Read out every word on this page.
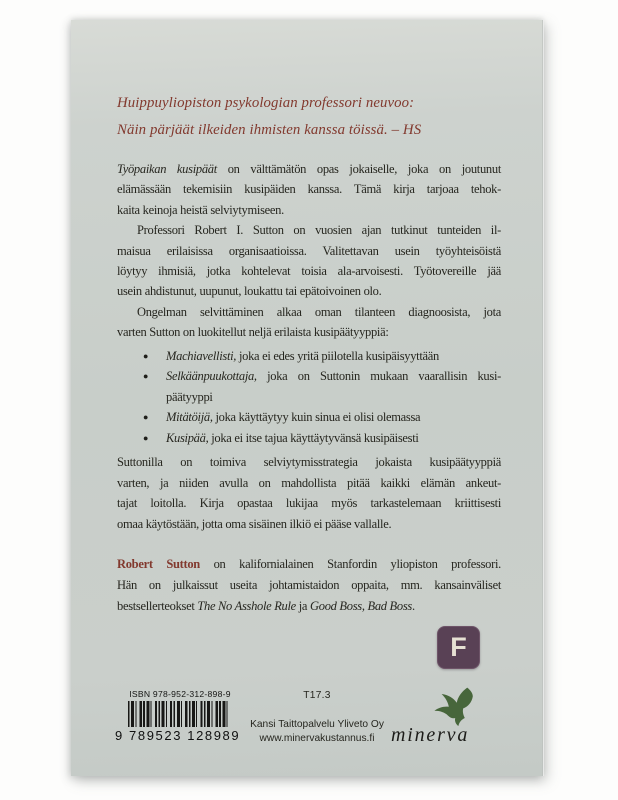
Huippuyliopiston psykologian professori neuvoo:
Näin pärjäät ilkeiden ihmisten kanssa töissä. – HS
Työpaikan kusipäät on välttämätön opas jokaiselle, joka on joutunut
elämässään tekemisiin kusipäiden kanssa. Tämä kirja tarjoaa tehok-
kaita keinoja heistä selviytymiseen.
Professori Robert I. Sutton on vuosien ajan tutkinut tunteiden il-
maisua erilaisissa organisaatioissa. Valitettavan usein työyhteisöistä
löytyy ihmisiä, jotka kohtelevat toisia ala-arvoisesti. Työtovereille jää
usein ahdistunut, uupunut, loukattu tai epätoivoinen olo.
Ongelman selvittäminen alkaa oman tilanteen diagnoosista, jota
varten Sutton on luokitellut neljä erilaista kusipäätyyppiä:
● Machiavellisti, joka ei edes yritä piilotella kusipäisyyttään
● Selkäänpuukottaja, joka on Suttonin mukaan vaarallisin kusi-
päätyyppi
● Mitätöijä, joka käyttäytyy kuin sinua ei olisi olemassa
● Kusipää, joka ei itse tajua käyttäytyvänsä kusipäisesti
Suttonilla on toimiva selviytymisstrategia jokaista kusipäätyyppiä
varten, ja niiden avulla on mahdollista pitää kaikki elämän ankeut-
tajat loitolla. Kirja opastaa lukijaa myös tarkastelemaan kriittisesti
omaa käytöstään, jotta oma sisäinen ilkiö ei pääse vallalle.
Robert Sutton on kalifornialainen Stanfordin yliopiston professori.
Hän on julkaissut useita johtamistaidon oppaita, mm. kansainväliset
bestsellerteokset The No Asshole Rule ja Good Boss, Bad Boss.
F
ISBN 978-952-312-898-9
9 789523 128989
T17.3
Kansi Taittopalvelu Yliveto Oy
www.minervakustannus.fi minerva
